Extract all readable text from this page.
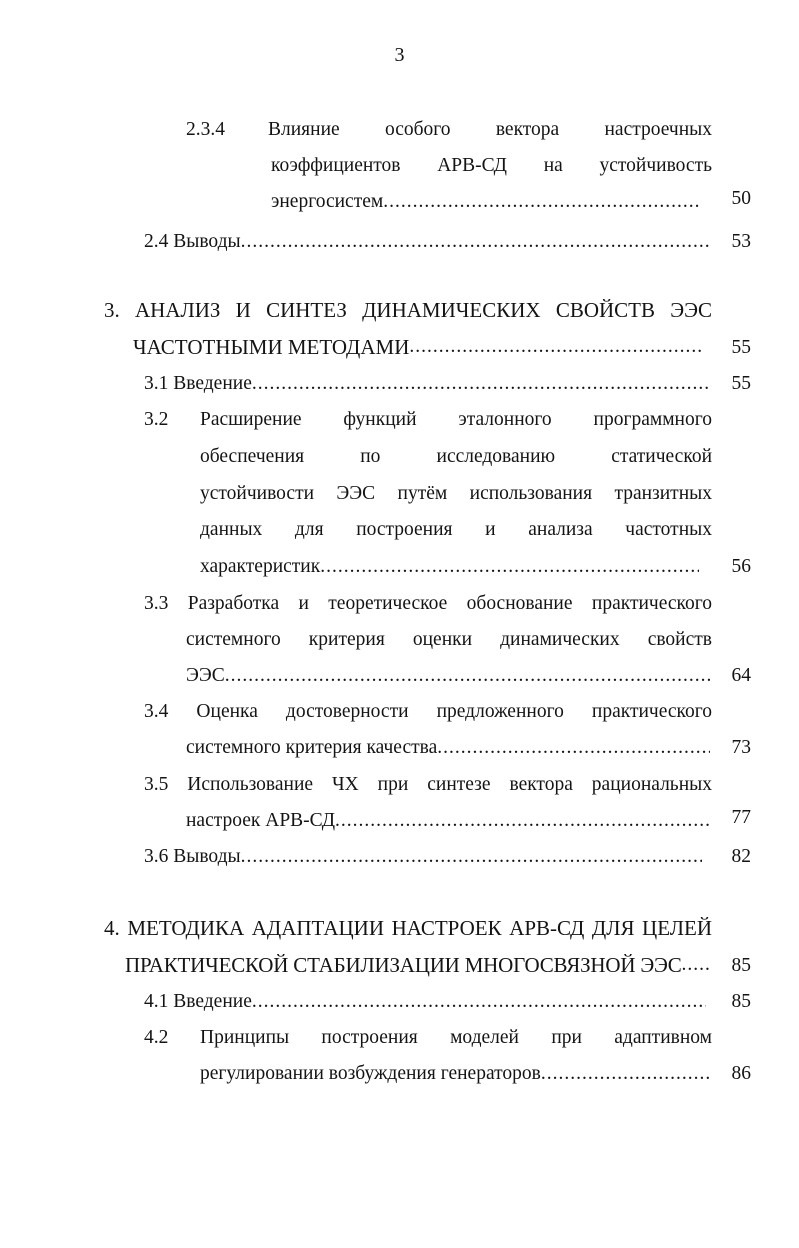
3
2.3.4 Влияние особого вектора настроечных
коэффициентов АРВ-СД на устойчивость
энергосистем .....	50
2.4 Выводы .....	53
3. АНАЛИЗ И СИНТЕЗ ДИНАМИЧЕСКИХ СВОЙСТВ ЭЭС
ЧАСТОТНЫМИ МЕТОДАМИ .....	55
3.1 Введение .....	55
3.2 Расширение функций эталонного программного
обеспечения по исследованию статической
устойчивости ЭЭС путём использования транзитных
данных для построения и анализа частотных
характеристик .....	56
3.3 Разработка и теоретическое обоснование практического
системного критерия оценки динамических свойств
ЭЭС .....	64
3.4 Оценка достоверности предложенного практического
системного критерия качества .....	73
3.5 Использование ЧХ при синтезе вектора рациональных
настроек АРВ-СД .....	77
3.6 Выводы .....	82
4. МЕТОДИКА АДАПТАЦИИ НАСТРОЕК АРВ-СД ДЛЯ ЦЕЛЕЙ
ПРАКТИЧЕСКОЙ СТАБИЛИЗАЦИИ МНОГОСВЯЗНОЙ ЭЭС .....	85
4.1 Введение .....	85
4.2 Принципы построения моделей при адаптивном
регулировании возбуждения генераторов .....	86
